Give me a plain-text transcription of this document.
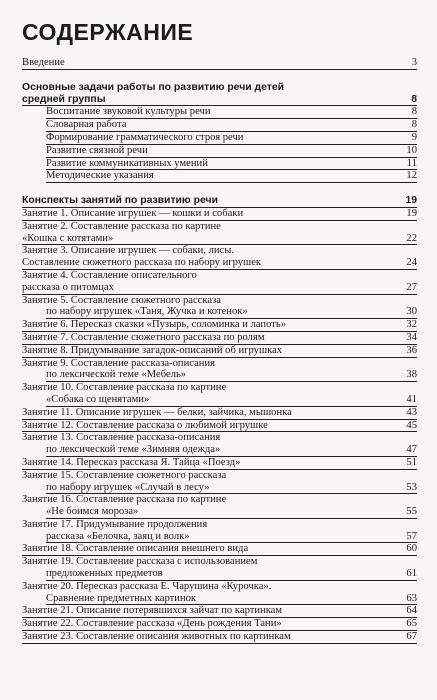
СОДЕРЖАНИЕ
Введение	3
Основные задачи работы по развитию речи детей
средней группы	8
Воспитание звуковой культуры речи	8
Словарная работа	8
Формирование грамматического строя речи	9
Развитие связной речи	10
Развитие коммуникативных умений	11
Методические указания	12
Конспекты занятий по развитию речи	19
Занятие 1. Описание игрушек — кошки и собаки	19
Занятие 2. Составление рассказа по картине
«Кошка с котятами»	22
Занятие 3. Описание игрушек — собаки, лисы.
Составление сюжетного рассказа по набору игрушек	24
Занятие 4. Составление описательного
рассказа о питомцах	27
Занятие 5. Составление сюжетного рассказа
по набору игрушек «Таня, Жучка и котенок»	30
Занятие 6. Пересказ сказки «Пузырь, соломинка и лапоть»	32
Занятие 7. Составление сюжетного рассказа по ролям	34
Занятие 8. Придумывание загадок-описаний об игрушках	36
Занятие 9. Составление рассказа-описания
по лексической теме «Мебель»	38
Занятие 10. Составление рассказа по картине
«Собака со щенятами»	41
Занятие 11. Описание игрушек — белки, зайчика, мышонка	43
Занятие 12. Составление рассказа о любимой игрушке	45
Занятие 13. Составление рассказа-описания
по лексической теме «Зимняя одежда»	47
Занятие 14. Пересказ рассказа Я. Тайца «Поезд»	51
Занятие 15. Составление сюжетного рассказа
по набору игрушек «Случай в лесу»	53
Занятие 16. Составление рассказа по картине
«Не боимся мороза»	55
Занятие 17. Придумывание продолжения
рассказа «Белочка, заяц и волк»	57
Занятие 18. Составление описания внешнего вида	60
Занятие 19. Составление рассказа с использованием
предложенных предметов	61
Занятие 20. Пересказ рассказа Е. Чарушина «Курочка».
Сравнение предметных картинок	63
Занятие 21. Описание потерявшихся зайчат по картинкам	64
Занятие 22. Составление рассказа «День рождения Тани»	65
Занятие 23. Составление описания животных по картинкам	67
